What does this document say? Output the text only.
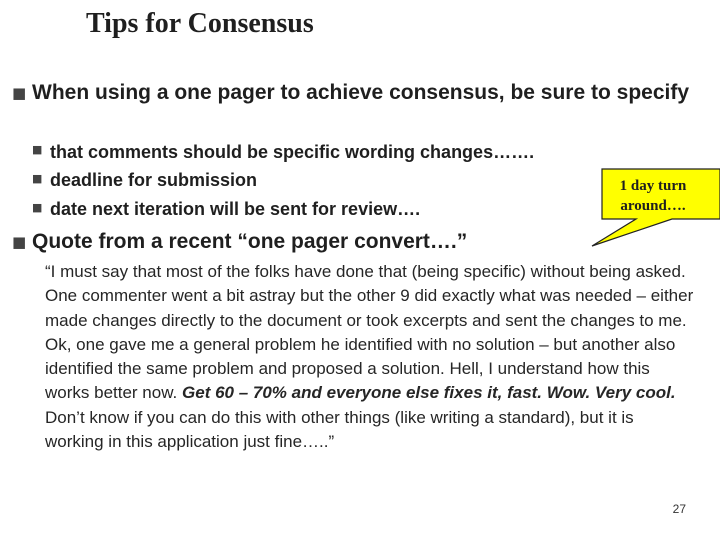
Tips for Consensus
■ When using a one pager to achieve consensus, be sure to specify
■ that comments should be specific wording changes…….
■ deadline for submission
■ date next iteration will be sent for review….
■ Quote from a recent “one pager convert….”
“I must say that most of the folks have done that (being specific) without being asked. One commenter went a bit astray but the other 9 did exactly what was needed – either made changes directly to the document or took excerpts and sent the changes to me. Ok, one gave me a general problem he identified with no solution – but another also identified the same problem and proposed a solution. Hell, I understand how this works better now. Get 60 – 70% and everyone else fixes it, fast. Wow. Very cool. Don’t know if you can do this with other things (like writing a standard), but it is working in this application just fine…..”
1 day turn
around….
27
